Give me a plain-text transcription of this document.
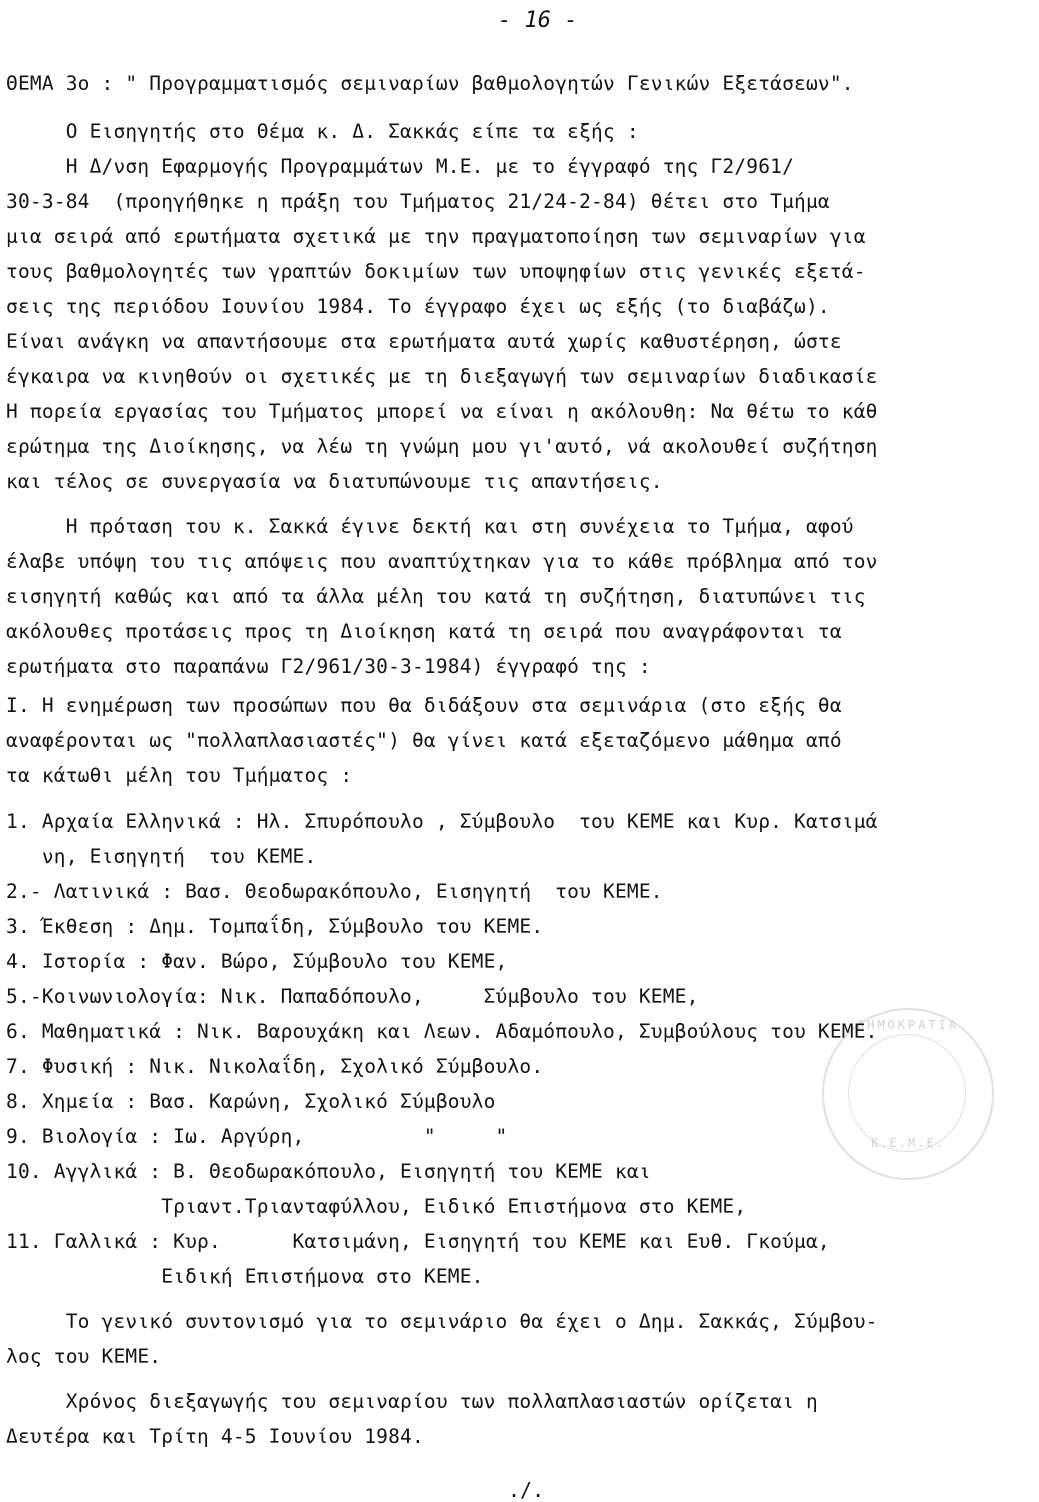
- 16 -
ΔΗΜΟΚΡΑΤΙΑ
Κ.Ε.Μ.Ε.
ΘΕΜΑ 3ο : " Προγραμματισμός σεμιναρίων βαθμολογητών Γενικών Εξετάσεων".
Ο Εισηγητής στο Θέμα κ. Δ. Σακκάς είπε τα εξής :
Η Δ/νση Εφαρμογής Προγραμμάτων Μ.Ε. με το έγγραφό της Γ2/961/
30-3-84  (προηγήθηκε η πράξη του Τμήματος 21/24-2-84) θέτει στο Τμήμα
μια σειρά από ερωτήματα σχετικά με την πραγματοποίηση των σεμιναρίων για
τους βαθμολογητές των γραπτών δοκιμίων των υποψηφίων στις γενικές εξετά-
σεις της περιόδου Ιουνίου 1984. Το έγγραφο έχει ως εξής (το διαβάζω).
Είναι ανάγκη να απαντήσουμε στα ερωτήματα αυτά χωρίς καθυστέρηση, ώστε
έγκαιρα να κινηθούν οι σχετικές με τη διεξαγωγή των σεμιναρίων διαδικασίε
Η πορεία εργασίας του Τμήματος μπορεί να είναι η ακόλουθη: Να θέτω το κάθ
ερώτημα της Διοίκησης, να λέω τη γνώμη μου γι'αυτό, νά ακολουθεί συζήτηση
και τέλος σε συνεργασία να διατυπώνουμε τις απαντήσεις.
Η πρόταση του κ. Σακκά έγινε δεκτή και στη συνέχεια το Τμήμα, αφού
έλαβε υπόψη του τις απόψεις που αναπτύχτηκαν για το κάθε πρόβλημα από τον
εισηγητή καθώς και από τα άλλα μέλη του κατά τη συζήτηση, διατυπώνει τις
ακόλουθες προτάσεις προς τη Διοίκηση κατά τη σειρά που αναγράφονται τα
ερωτήματα στο παραπάνω Γ2/961/30-3-1984) έγγραφό της :
I. Η ενημέρωση των προσώπων που θα διδάξουν στα σεμινάρια (στο εξής θα
αναφέρονται ως "πολλαπλασιαστές") θα γίνει κατά εξεταζόμενο μάθημα από
τα κάτωθι μέλη του Τμήματος :
1. Αρχαία Ελληνικά : Ηλ. Σπυρόπουλο , Σύμβουλο  του ΚΕΜΕ και Κυρ. Κατσιμά
νη, Εισηγητή  του ΚΕΜΕ.
2.- Λατινικά : Βασ. Θεοδωρακόπουλο, Εισηγητή  του ΚΕΜΕ.
3. Έκθεση : Δημ. Τομπαΐδη, Σύμβουλο του ΚΕΜΕ.
4. Ιστορία : Φαν. Βώρο, Σύμβουλο του ΚΕΜΕ,
5.-Κοινωνιολογία: Νικ. Παπαδόπουλο,     Σύμβουλο του ΚΕΜΕ,
6. Μαθηματικά : Νικ. Βαρουχάκη και Λεων. Αδαμόπουλο, Συμβούλους του ΚΕΜΕ.
7. Φυσική : Νικ. Νικολαΐδη, Σχολικό Σύμβουλο.
8. Χημεία : Βασ. Καρώνη, Σχολικό Σύμβουλο
9. Βιολογία : Ιω. Αργύρη,          "     "
10. Αγγλικά : Β. Θεοδωρακόπουλο, Εισηγητή του ΚΕΜΕ και
Τριαντ.Τριανταφύλλου, Ειδικό Επιστήμονα στο ΚΕΜΕ,
11. Γαλλικά : Κυρ.      Κατσιμάνη, Εισηγητή του ΚΕΜΕ και Ευθ. Γκούμα,
Ειδική Επιστήμονα στο ΚΕΜΕ.
Το γενικό συντονισμό για το σεμινάριο θα έχει ο Δημ. Σακκάς, Σύμβου-
λος του ΚΕΜΕ.
Χρόνος διεξαγωγής του σεμιναρίου των πολλαπλασιαστών ορίζεται η
Δευτέρα και Τρίτη 4-5 Ιουνίου 1984.
./.
